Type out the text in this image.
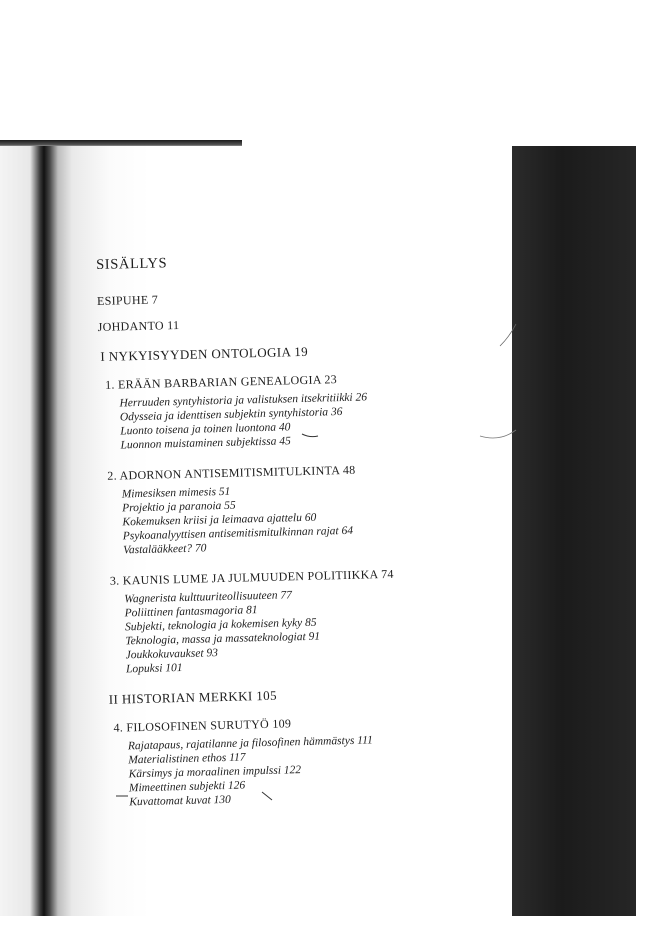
SISÄLLYS
ESIPUHE 7
JOHDANTO 11
I NYKYISYYDEN ONTOLOGIA 19
1. ERÄÄN BARBARIAN GENEALOGIA 23
Herruuden syntyhistoria ja valistuksen itsekritiikki 26
Odysseia ja identtisen subjektin syntyhistoria 36
Luonto toisena ja toinen luontona 40
Luonnon muistaminen subjektissa 45
2. ADORNON ANTISEMITISMITULKINTA 48
Mimesiksen mimesis 51
Projektio ja paranoia 55
Kokemuksen kriisi ja leimaava ajattelu 60
Psykoanalyyttisen antisemitismitulkinnan rajat 64
Vastalääkkeet? 70
3. KAUNIS LUME JA JULMUUDEN POLITIIKKA 74
Wagnerista kulttuuriteollisuuteen 77
Poliittinen fantasmagoria 81
Subjekti, teknologia ja kokemisen kyky 85
Teknologia, massa ja massateknologiat 91
Joukkokuvaukset 93
Lopuksi 101
II HISTORIAN MERKKI 105
4. FILOSOFINEN SURUTYÖ 109
Rajatapaus, rajatilanne ja filosofinen hämmästys 111
Materialistinen ethos 117
Kärsimys ja moraalinen impulssi 122
Mimeettinen subjekti 126
Kuvattomat kuvat 130
